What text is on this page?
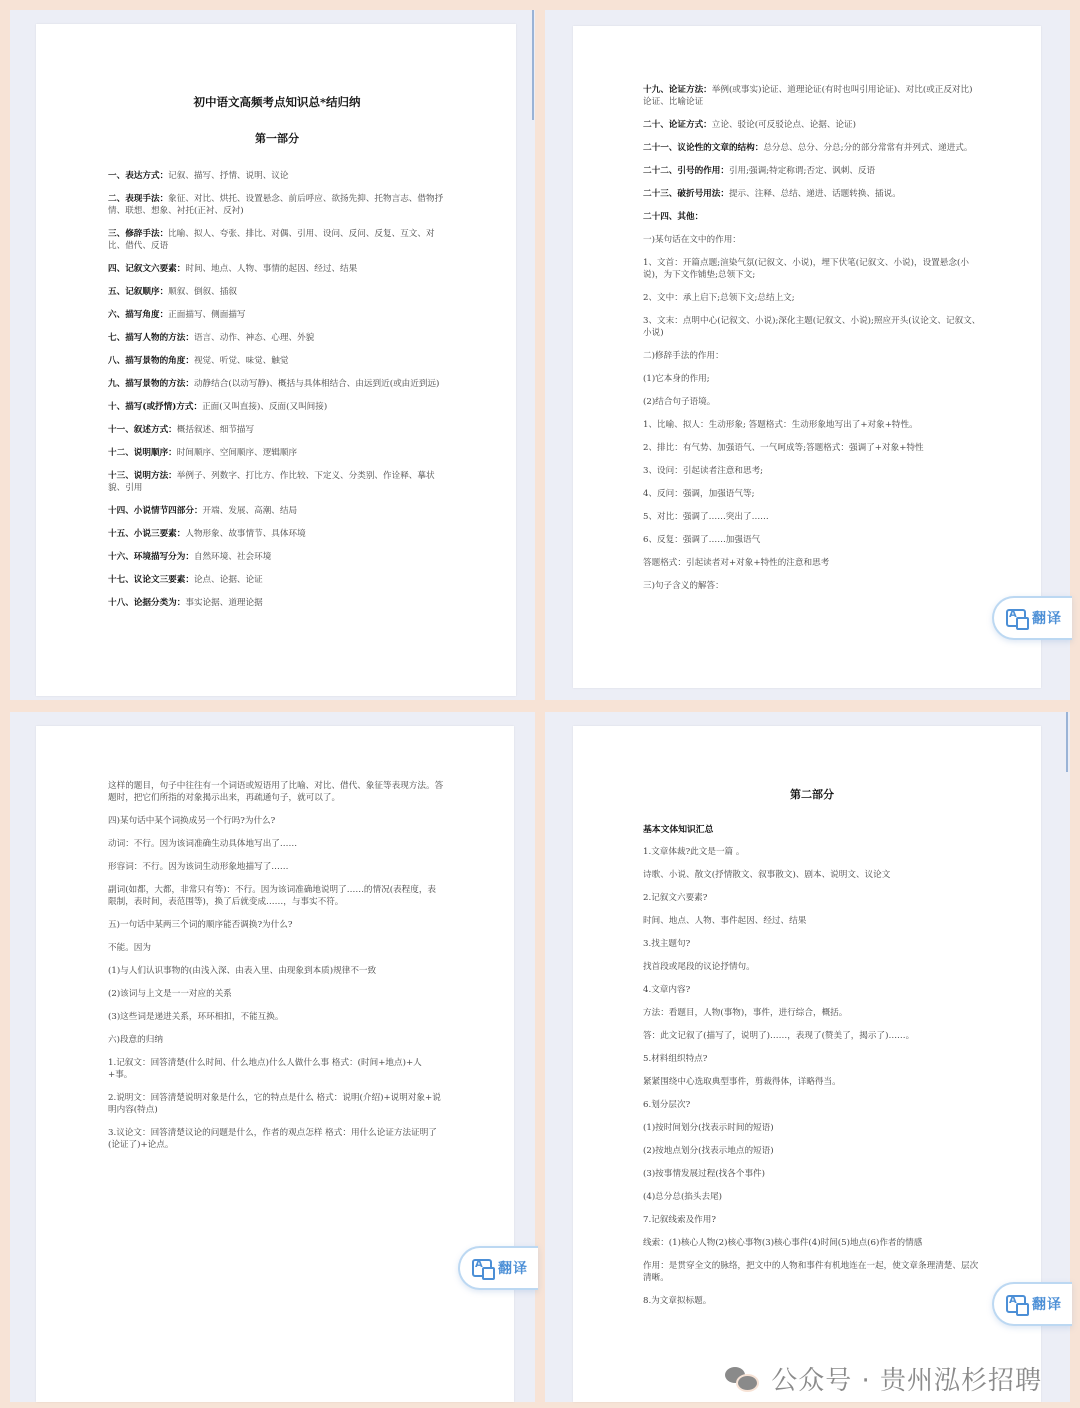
初中语文高频考点知识总*结归纳
第一部分
一、表达方式：记叙、描写、抒情、说明、议论
二、表现手法：象征、对比、烘托、设置悬念、前后呼应、欲扬先抑、托物言志、借物抒情、联想、想象、衬托(正衬、反衬)
三、修辞手法：比喻、拟人、夸张、排比、对偶、引用、设问、反问、反复、互文、对比、借代、反语
四、记叙文六要素：时间、地点、人物、事情的起因、经过、结果
五、记叙顺序：顺叙、倒叙、插叙
六、描写角度：正面描写、侧面描写
七、描写人物的方法：语言、动作、神态、心理、外貌
八、描写景物的角度：视觉、听觉、味觉、触觉
九、描写景物的方法：动静结合(以动写静)、概括与具体相结合、由远到近(或由近到远)
十、描写(或抒情)方式：正面(又叫直接)、反面(又叫间接)
十一、叙述方式：概括叙述、细节描写
十二、说明顺序：时间顺序、空间顺序、逻辑顺序
十三、说明方法：举例子、列数字、打比方、作比较、下定义、分类别、作诠释、摹状貌、引用
十四、小说情节四部分：开端、发展、高潮、结局
十五、小说三要素：人物形象、故事情节、具体环境
十六、环境描写分为：自然环境、社会环境
十七、议论文三要素：论点、论据、论证
十八、论据分类为：事实论据、道理论据
十九、论证方法：举例(或事实)论证、道理论证(有时也叫引用论证)、对比(或正反对比)论证、比喻论证
二十、论证方式：立论、驳论(可反驳论点、论据、论证)
二十一、议论性的文章的结构：总分总、总分、分总;分的部分常常有并列式、递进式。
二十二、引号的作用：引用;强调;特定称谓;否定、讽刺、反语
二十三、破折号用法：提示、注释、总结、递进、话题转换、插说。
二十四、其他：
一)某句话在文中的作用：
1、文首：开篇点题;渲染气氛(记叙文、小说)，埋下伏笔(记叙文、小说)，设置悬念(小说)，为下文作铺垫;总领下文;
2、文中：承上启下;总领下文;总结上文;
3、文末：点明中心(记叙文、小说);深化主题(记叙文、小说);照应开头(议论文、记叙文、小说)
二)修辞手法的作用：
(1)它本身的作用;
(2)结合句子语境。
1、比喻、拟人：生动形象; 答题格式：生动形象地写出了+对象+特性。
2、排比：有气势、加强语气、一气呵成等;答题格式：强调了+对象+特性
3、设问：引起读者注意和思考;
4、反问：强调，加强语气等;
5、对比：强调了……突出了……
6、反复：强调了……加强语气
答题格式：引起读者对+对象+特性的注意和思考
三)句子含义的解答：
A
翻译
这样的题目，句子中往往有一个词语或短语用了比喻、对比、借代、象征等表现方法。答题时，把它们所指的对象揭示出来，再疏通句子，就可以了。
四)某句话中某个词换成另一个行吗?为什么?
动词：不行。因为该词准确生动具体地写出了……
形容词：不行。因为该词生动形象地描写了……
副词(如都，大都，非常只有等)：不行。因为该词准确地说明了……的情况(表程度，表限制，表时间，表范围等)，换了后就变成……，与事实不符。
五)一句话中某两三个词的顺序能否调换?为什么?
不能。因为
(1)与人们认识事物的(由浅入深、由表入里、由现象到本质)规律不一致
(2)该词与上文是一一对应的关系
(3)这些词是递进关系，环环相扣，不能互换。
六)段意的归纳
1.记叙文：回答清楚(什么时间、什么地点)什么人做什么事 格式：(时间+地点)+人+事。
2.说明文：回答清楚说明对象是什么，它的特点是什么 格式：说明(介绍)+说明对象+说明内容(特点)
3.议论文：回答清楚议论的问题是什么，作者的观点怎样 格式：用什么论证方法证明了(论证了)+论点。
A
翻译
第二部分
基本文体知识汇总
1.文章体裁?此文是一篇 。
诗歌、小说、散文(抒情散文、叙事散文)、剧本、说明文、议论文
2.记叙文六要素?
时间、地点、人物、事件起因、经过、结果
3.找主题句?
找首段或尾段的议论抒情句。
4.文章内容?
方法：看题目，人物(事物)，事件，进行综合，概括。
答：此文记叙了(描写了，说明了)……，表现了(赞美了，揭示了)……。
5.材料组织特点?
紧紧围绕中心选取典型事件，剪裁得体，详略得当。
6.划分层次?
(1)按时间划分(找表示时间的短语)
(2)按地点划分(找表示地点的短语)
(3)按事情发展过程(找各个事件)
(4)总分总(掐头去尾)
7.记叙线索及作用?
线索：(1)核心人物(2)核心事物(3)核心事件(4)时间(5)地点(6)作者的情感
作用：是贯穿全文的脉络，把文中的人物和事件有机地连在一起，使文章条理清楚、层次清晰。
8.为文章拟标题。
A	翻译
公众号 · 贵州泓杉招聘
